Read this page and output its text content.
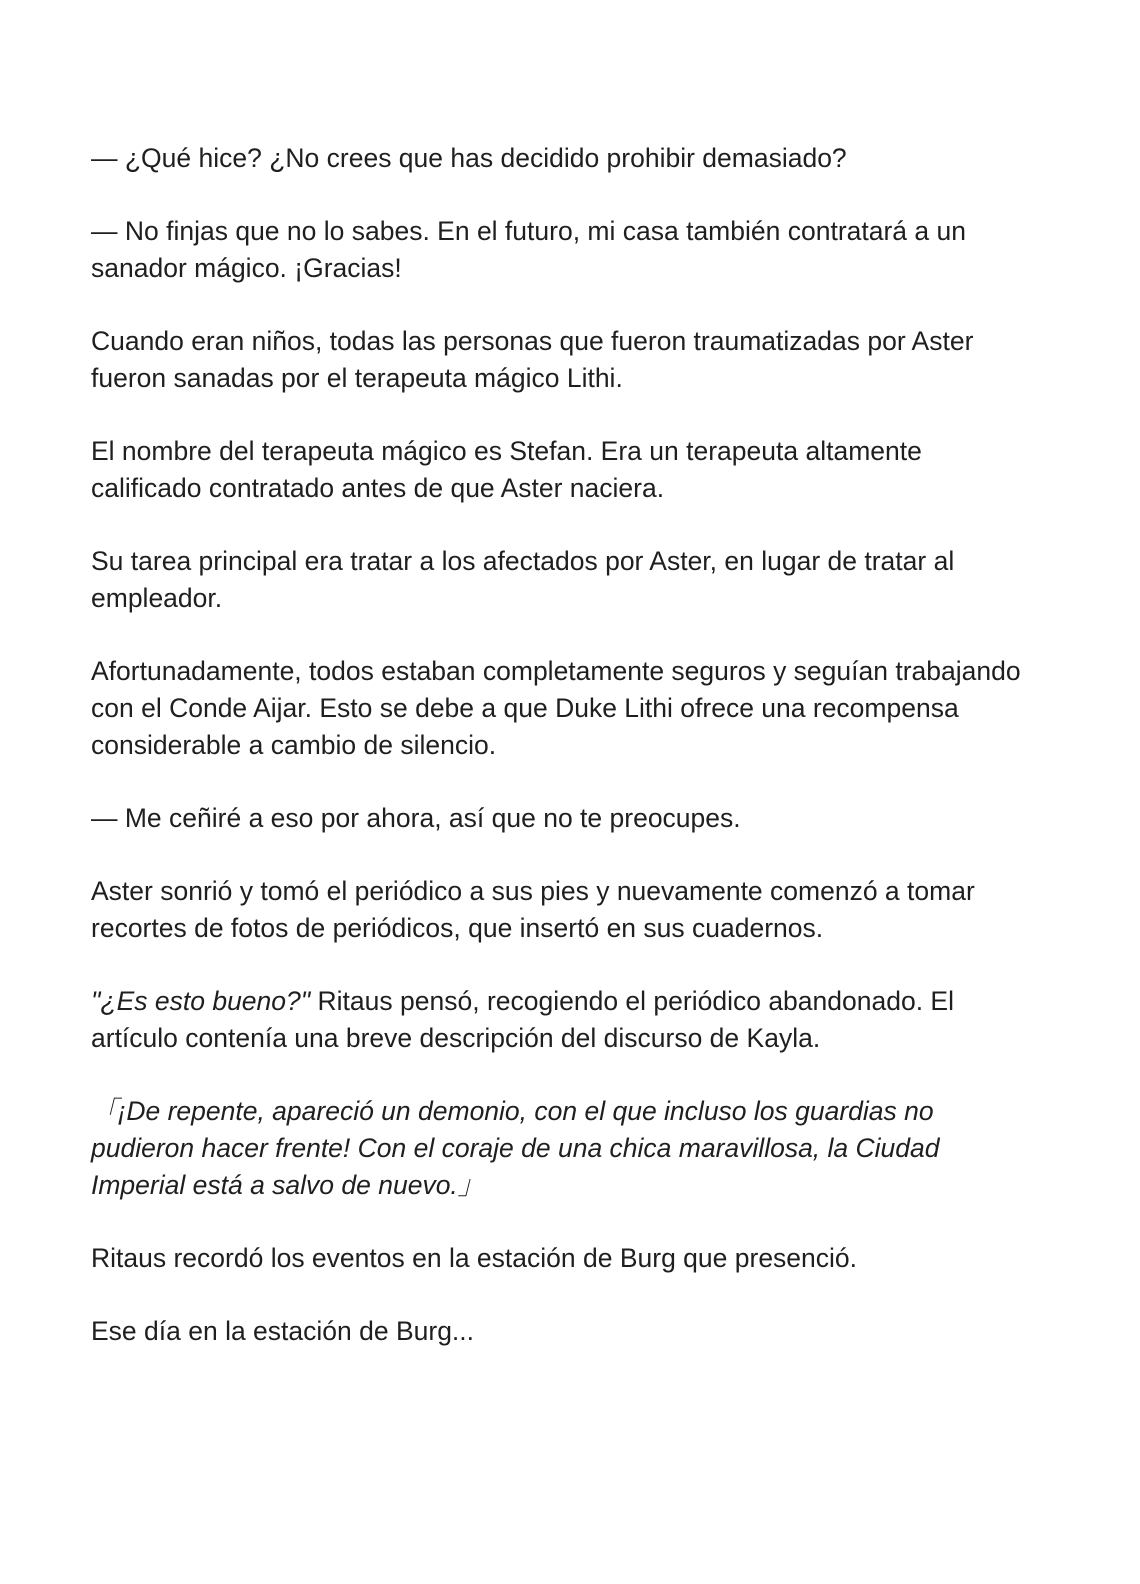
— ¿Qué hice? ¿No crees que has decidido prohibir demasiado?

— No finjas que no lo sabes. En el futuro, mi casa también contratará a un sanador mágico. ¡Gracias!

Cuando eran niños, todas las personas que fueron traumatizadas por Aster fueron sanadas por el terapeuta mágico Lithi.

El nombre del terapeuta mágico es Stefan. Era un terapeuta altamente calificado contratado antes de que Aster naciera.

Su tarea principal era tratar a los afectados por Aster, en lugar de tratar al empleador.

Afortunadamente, todos estaban completamente seguros y seguían trabajando con el Conde Aijar. Esto se debe a que Duke Lithi ofrece una recompensa considerable a cambio de silencio.

— Me ceñiré a eso por ahora, así que no te preocupes.

Aster sonrió y tomó el periódico a sus pies y nuevamente comenzó a tomar recortes de fotos de periódicos, que insertó en sus cuadernos.

"¿Es esto bueno?" Ritaus pensó, recogiendo el periódico abandonado. El artículo contenía una breve descripción del discurso de Kayla.

「¡De repente, apareció un demonio, con el que incluso los guardias no pudieron hacer frente! Con el coraje de una chica maravillosa, la Ciudad Imperial está a salvo de nuevo.」

Ritaus recordó los eventos en la estación de Burg que presenció.

Ese día en la estación de Burg...
